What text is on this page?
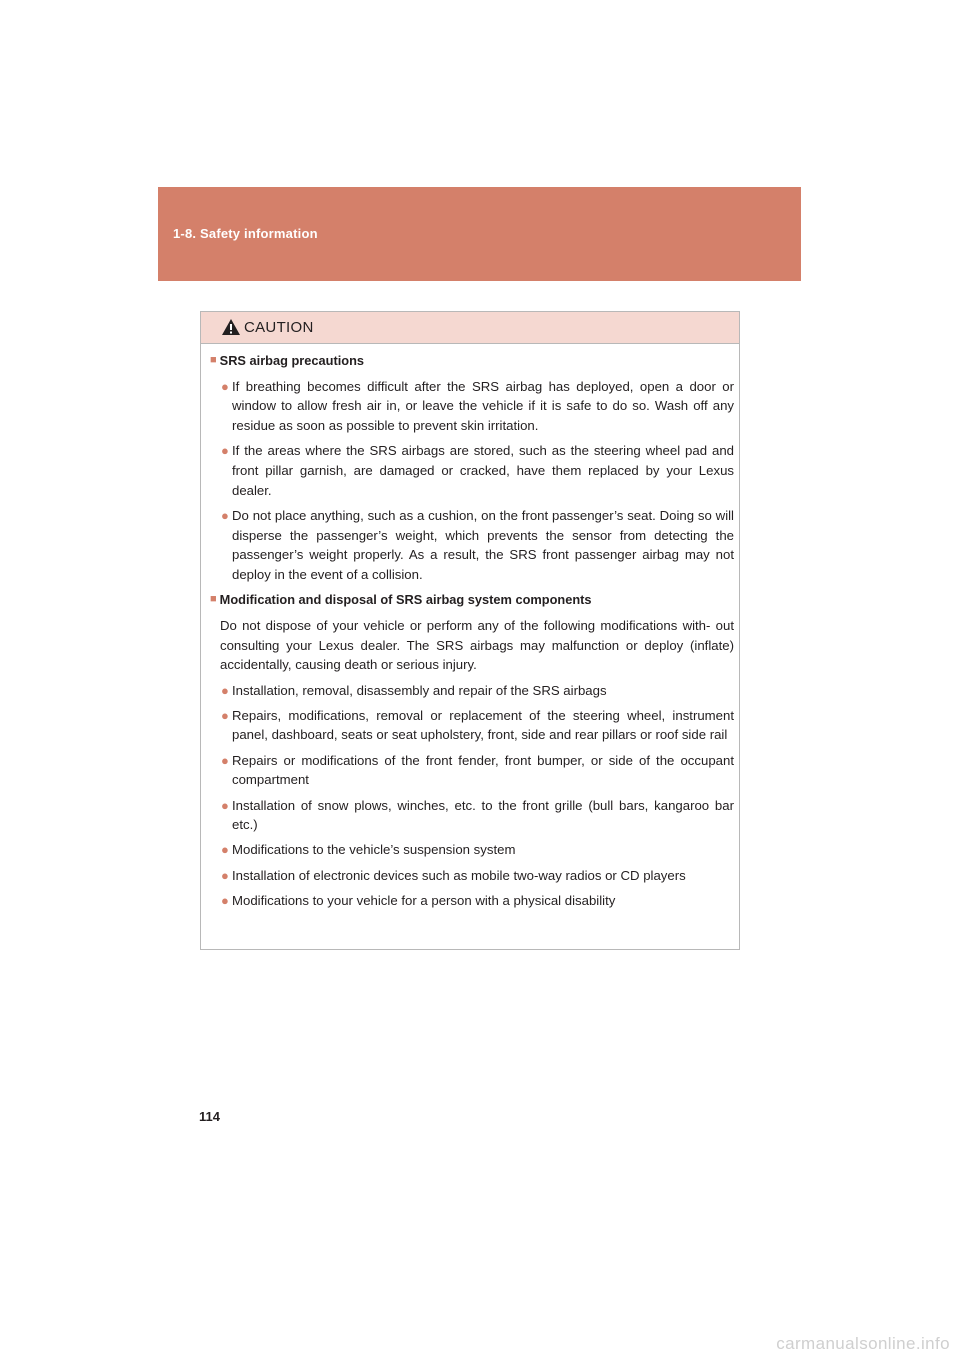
1-8. Safety information
CAUTION
■ SRS airbag precautions
● If breathing becomes difficult after the SRS airbag has deployed, open a door or window to allow fresh air in, or leave the vehicle if it is safe to do so. Wash off any residue as soon as possible to prevent skin irritation.
● If the areas where the SRS airbags are stored, such as the steering wheel pad and front pillar garnish, are damaged or cracked, have them replaced by your Lexus dealer.
● Do not place anything, such as a cushion, on the front passenger’s seat. Doing so will disperse the passenger’s weight, which prevents the sensor from detecting the passenger’s weight properly. As a result, the SRS front passenger airbag may not deploy in the event of a collision.
■ Modification and disposal of SRS airbag system components
Do not dispose of your vehicle or perform any of the following modifications with- out consulting your Lexus dealer. The SRS airbags may malfunction or deploy (inflate) accidentally, causing death or serious injury.
● Installation, removal, disassembly and repair of the SRS airbags
● Repairs, modifications, removal or replacement of the steering wheel, instrument panel, dashboard, seats or seat upholstery, front, side and rear pillars or roof side rail
● Repairs or modifications of the front fender, front bumper, or side of the occupant compartment
● Installation of snow plows, winches, etc. to the front grille (bull bars, kangaroo bar etc.)
● Modifications to the vehicle’s suspension system
● Installation of electronic devices such as mobile two-way radios or CD players
● Modifications to your vehicle for a person with a physical disability
114
carmanualsonline.info
